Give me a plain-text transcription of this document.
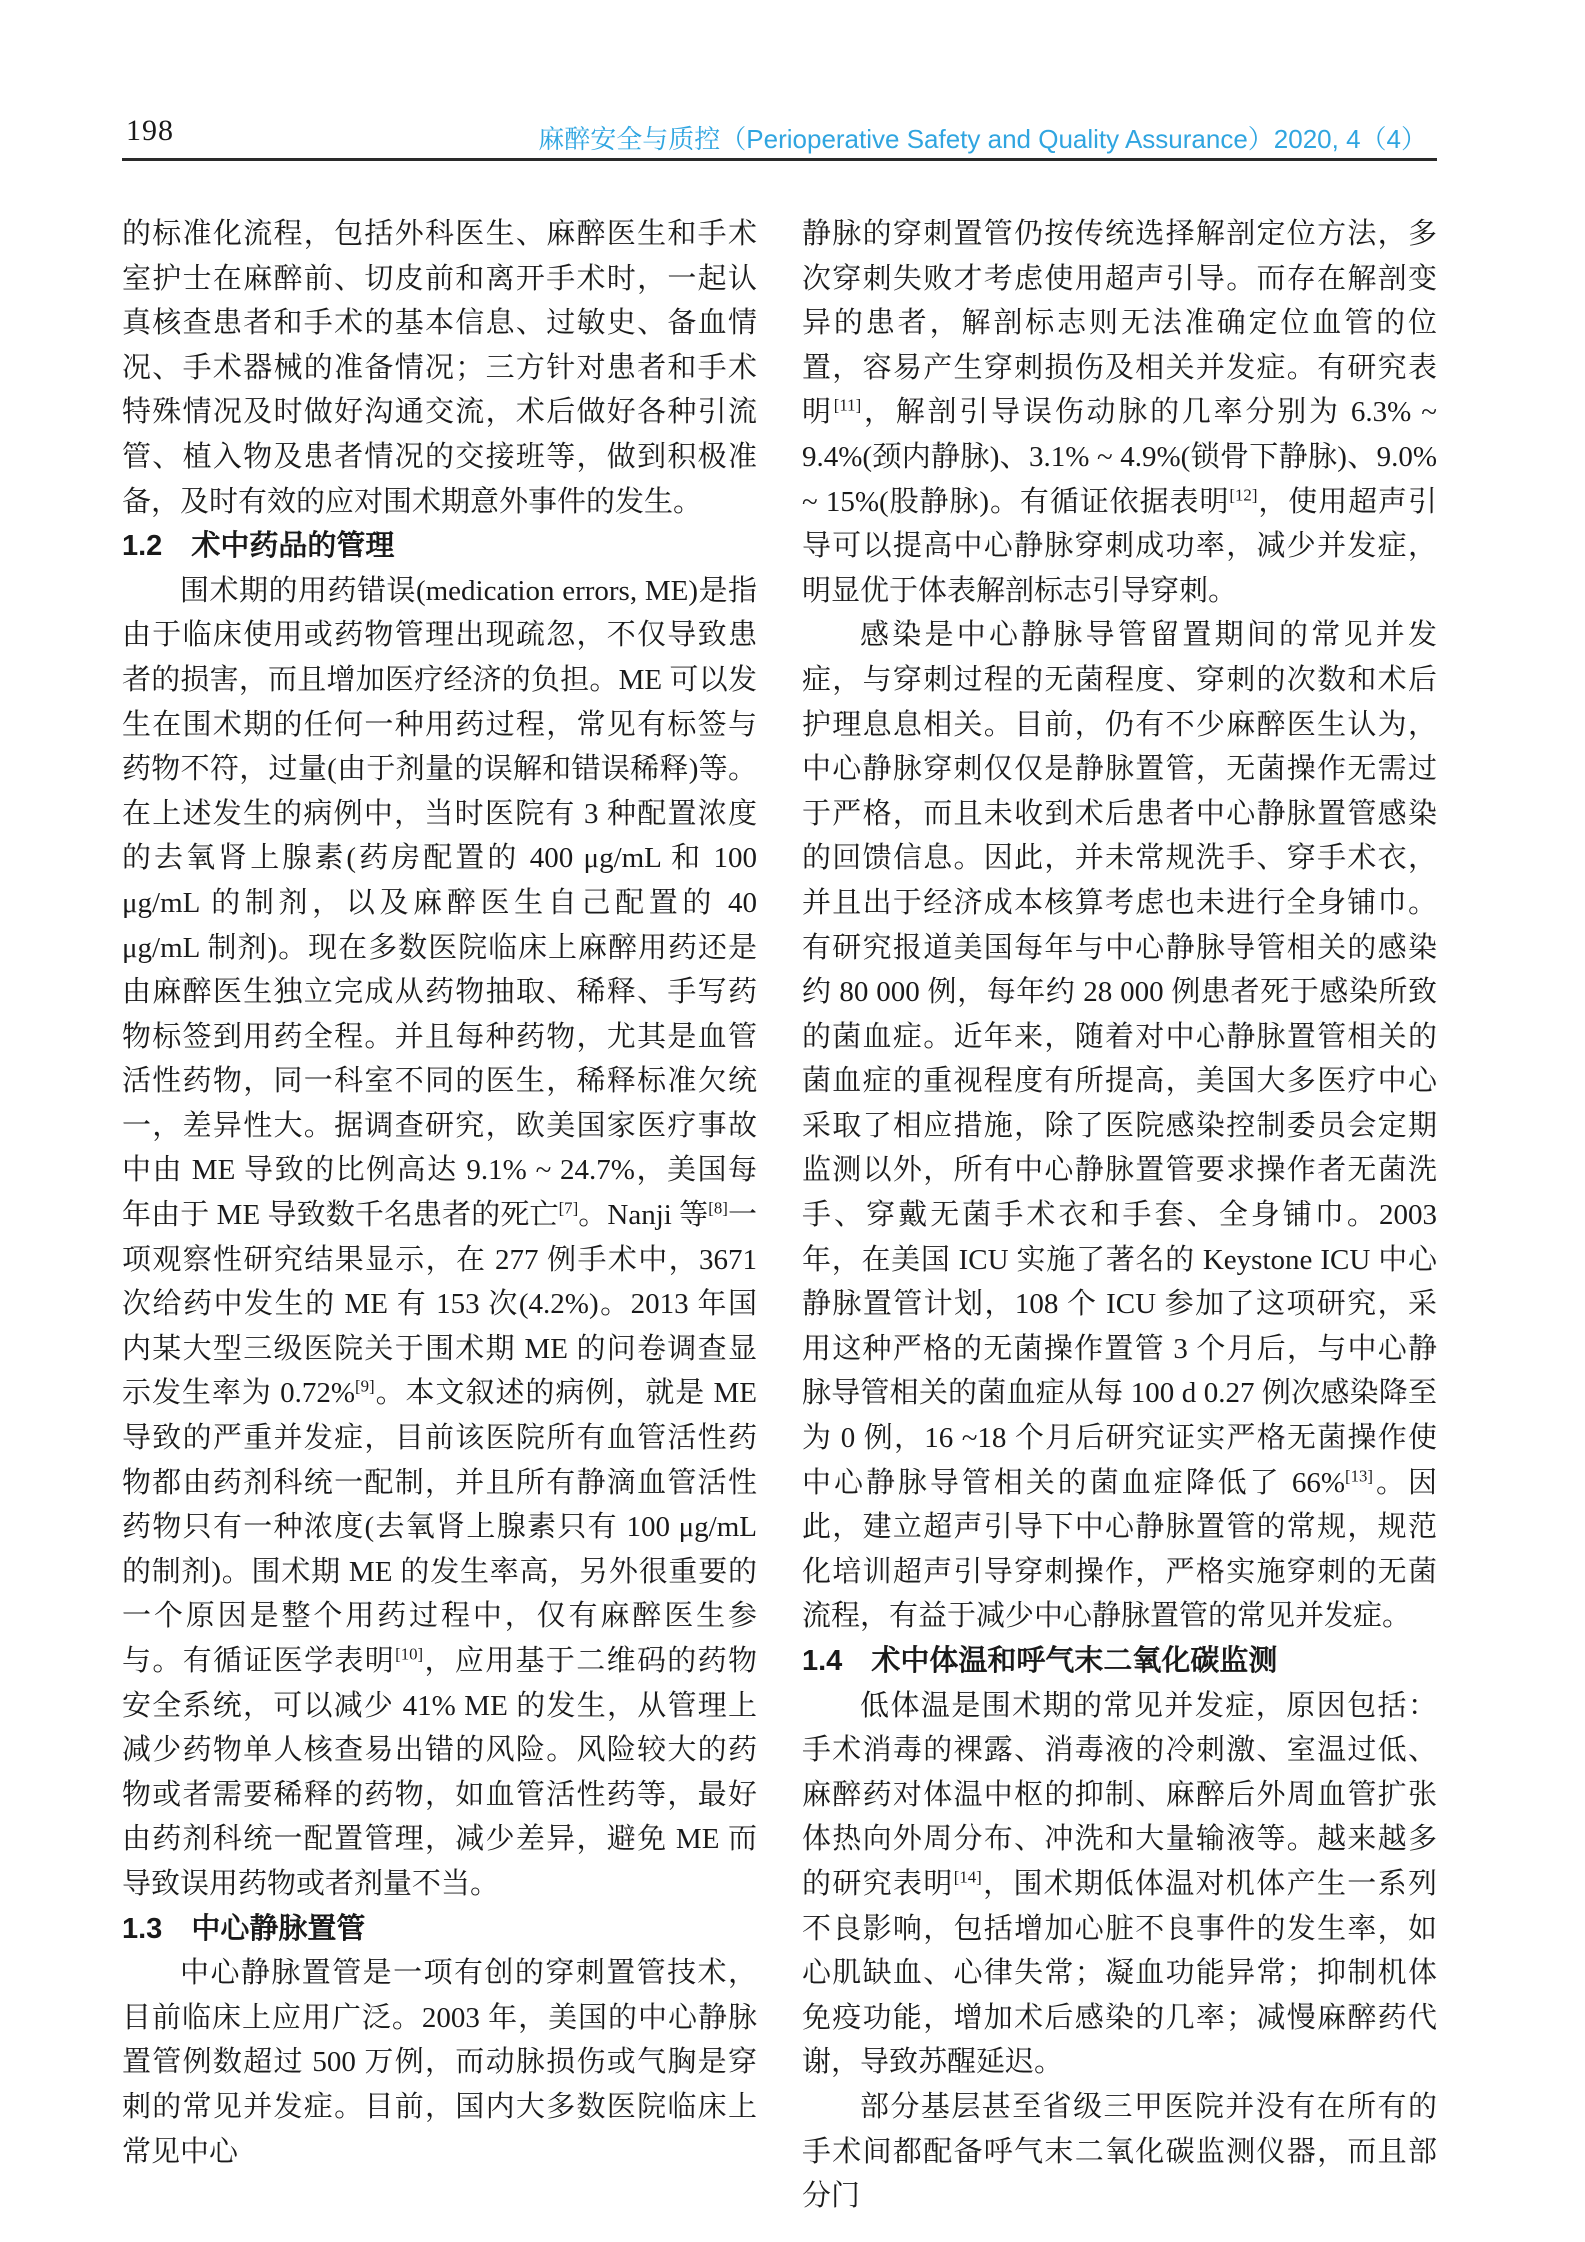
198	麻醉安全与质控（Perioperative Safety and Quality Assurance）2020, 4（4）

的标准化流程，包括外科医生、麻醉医生和手术室护士在麻醉前、切皮前和离开手术时，一起认真核查患者和手术的基本信息、过敏史、备血情况、手术器械的准备情况；三方针对患者和手术特殊情况及时做好沟通交流，术后做好各种引流管、植入物及患者情况的交接班等，做到积极准备，及时有效的应对围术期意外事件的发生。

1.2　术中药品的管理

围术期的用药错误(medication errors, ME)是指由于临床使用或药物管理出现疏忽，不仅导致患者的损害，而且增加医疗经济的负担。ME 可以发生在围术期的任何一种用药过程，常见有标签与药物不符，过量(由于剂量的误解和错误稀释)等。在上述发生的病例中，当时医院有 3 种配置浓度的去氧肾上腺素(药房配置的 400 μg/mL 和 100 μg/mL 的制剂，以及麻醉医生自己配置的 40 μg/mL 制剂)。现在多数医院临床上麻醉用药还是由麻醉医生独立完成从药物抽取、稀释、手写药物标签到用药全程。并且每种药物，尤其是血管活性药物，同一科室不同的医生，稀释标准欠统一，差异性大。据调查研究，欧美国家医疗事故中由 ME 导致的比例高达 9.1% ~ 24.7%，美国每年由于 ME 导致数千名患者的死亡[7]。Nanji 等[8]一项观察性研究结果显示，在 277 例手术中，3671 次给药中发生的 ME 有 153 次(4.2%)。2013 年国内某大型三级医院关于围术期 ME 的问卷调查显示发生率为 0.72%[9]。本文叙述的病例，就是 ME 导致的严重并发症，目前该医院所有血管活性药物都由药剂科统一配制，并且所有静滴血管活性药物只有一种浓度(去氧肾上腺素只有 100 μg/mL 的制剂)。围术期 ME 的发生率高，另外很重要的一个原因是整个用药过程中，仅有麻醉医生参与。有循证医学表明[10]，应用基于二维码的药物安全系统，可以减少 41% ME 的发生，从管理上减少药物单人核查易出错的风险。风险较大的药物或者需要稀释的药物，如血管活性药等，最好由药剂科统一配置管理，减少差异，避免 ME 而导致误用药物或者剂量不当。

1.3　中心静脉置管

中心静脉置管是一项有创的穿刺置管技术，目前临床上应用广泛。2003 年，美国的中心静脉置管例数超过 500 万例，而动脉损伤或气胸是穿刺的常见并发症。目前，国内大多数医院临床上常见中心

静脉的穿刺置管仍按传统选择解剖定位方法，多次穿刺失败才考虑使用超声引导。而存在解剖变异的患者，解剖标志则无法准确定位血管的位置，容易产生穿刺损伤及相关并发症。有研究表明[11]，解剖引导误伤动脉的几率分别为 6.3% ~ 9.4%(颈内静脉)、3.1% ~ 4.9%(锁骨下静脉)、9.0% ~ 15%(股静脉)。有循证依据表明[12]，使用超声引导可以提高中心静脉穿刺成功率，减少并发症，明显优于体表解剖标志引导穿刺。

感染是中心静脉导管留置期间的常见并发症，与穿刺过程的无菌程度、穿刺的次数和术后护理息息相关。目前，仍有不少麻醉医生认为，中心静脉穿刺仅仅是静脉置管，无菌操作无需过于严格，而且未收到术后患者中心静脉置管感染的回馈信息。因此，并未常规洗手、穿手术衣，并且出于经济成本核算考虑也未进行全身铺巾。有研究报道美国每年与中心静脉导管相关的感染约 80 000 例，每年约 28 000 例患者死于感染所致的菌血症。近年来，随着对中心静脉置管相关的菌血症的重视程度有所提高，美国大多医疗中心采取了相应措施，除了医院感染控制委员会定期监测以外，所有中心静脉置管要求操作者无菌洗手、穿戴无菌手术衣和手套、全身铺巾。2003 年，在美国 ICU 实施了著名的 Keystone ICU 中心静脉置管计划，108 个 ICU 参加了这项研究，采用这种严格的无菌操作置管 3 个月后，与中心静脉导管相关的菌血症从每 100 d 0.27 例次感染降至为 0 例，16 ~18 个月后研究证实严格无菌操作使中心静脉导管相关的菌血症降低了 66%[13]。因此，建立超声引导下中心静脉置管的常规，规范化培训超声引导穿刺操作，严格实施穿刺的无菌流程，有益于减少中心静脉置管的常见并发症。

1.4　术中体温和呼气末二氧化碳监测

低体温是围术期的常见并发症，原因包括：手术消毒的裸露、消毒液的冷刺激、室温过低、麻醉药对体温中枢的抑制、麻醉后外周血管扩张体热向外周分布、冲洗和大量输液等。越来越多的研究表明[14]，围术期低体温对机体产生一系列不良影响，包括增加心脏不良事件的发生率，如心肌缺血、心律失常；凝血功能异常；抑制机体免疫功能，增加术后感染的几率；减慢麻醉药代谢，导致苏醒延迟。

部分基层甚至省级三甲医院并没有在所有的手术间都配备呼气末二氧化碳监测仪器，而且部分门
